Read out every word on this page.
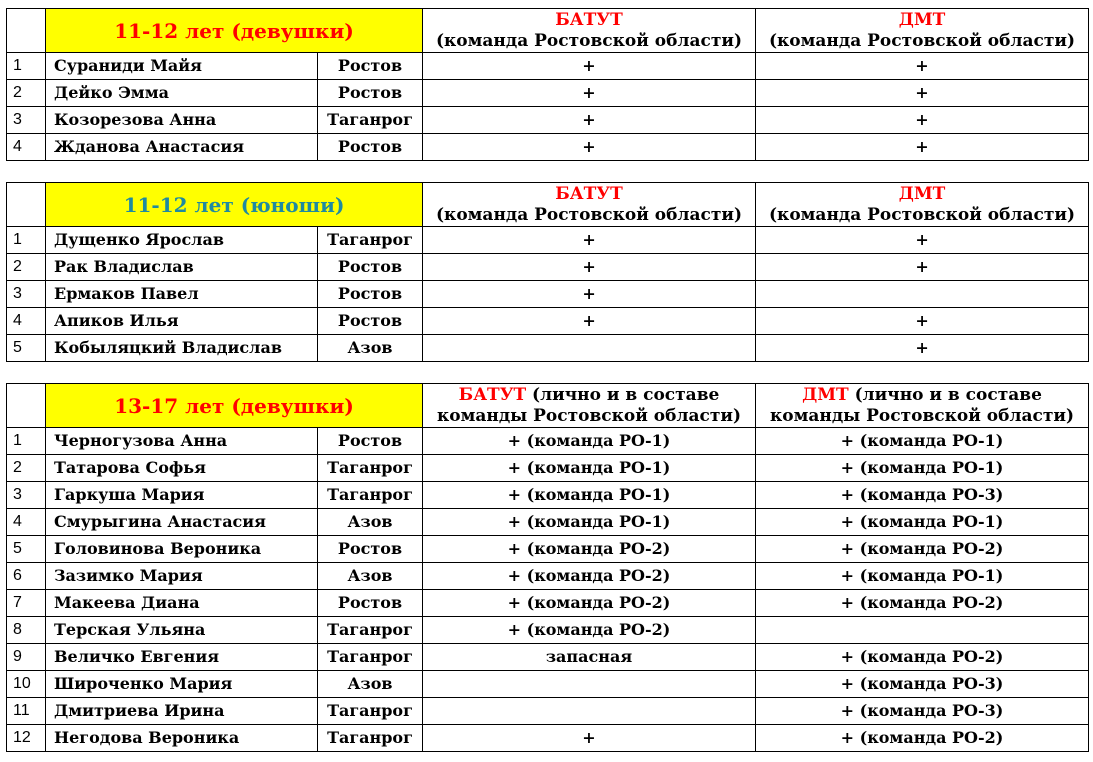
	11-12 лет (девушки)		БАТУТ
(команда Ростовской области)	ДМТ
(команда Ростовской области)
1	Сураниди Майя	Ростов	+	+
2	Дейко Эмма	Ростов	+	+
3	Козорезова Анна	Таганрог	+	+
4	Жданова Анастасия	Ростов	+	+
	11-12 лет (юноши)		БАТУТ
(команда Ростовской области)	ДМТ
(команда Ростовской области)
1	Дущенко Ярослав	Таганрог	+	+
2	Рак Владислав	Ростов	+	+
3	Ермаков Павел	Ростов	+	
4	Апиков Илья	Ростов	+	+
5	Кобыляцкий Владислав	Азов		+
	13-17 лет (девушки)		БАТУТ (лично и в составе
команды Ростовской области)	ДМТ (лично и в составе
команды Ростовской области)
1	Черногузова Анна	Ростов	+ (команда РО-1)	+ (команда РО-1)
2	Татарова Софья	Таганрог	+ (команда РО-1)	+ (команда РО-1)
3	Гаркуша Мария	Таганрог	+ (команда РО-1)	+ (команда РО-3)
4	Смурыгина Анастасия	Азов	+ (команда РО-1)	+ (команда РО-1)
5	Головинова Вероника	Ростов	+ (команда РО-2)	+ (команда РО-2)
6	Зазимко Мария	Азов	+ (команда РО-2)	+ (команда РО-1)
7	Макеева Диана	Ростов	+ (команда РО-2)	+ (команда РО-2)
8	Терская Ульяна	Таганрог	+ (команда РО-2)	
9	Величко Евгения	Таганрог	запасная	+ (команда РО-2)
10	Широченко Мария	Азов		+ (команда РО-3)
11	Дмитриева Ирина	Таганрог		+ (команда РО-3)
12	Негодова Вероника	Таганрог	+	+ (команда РО-2)
